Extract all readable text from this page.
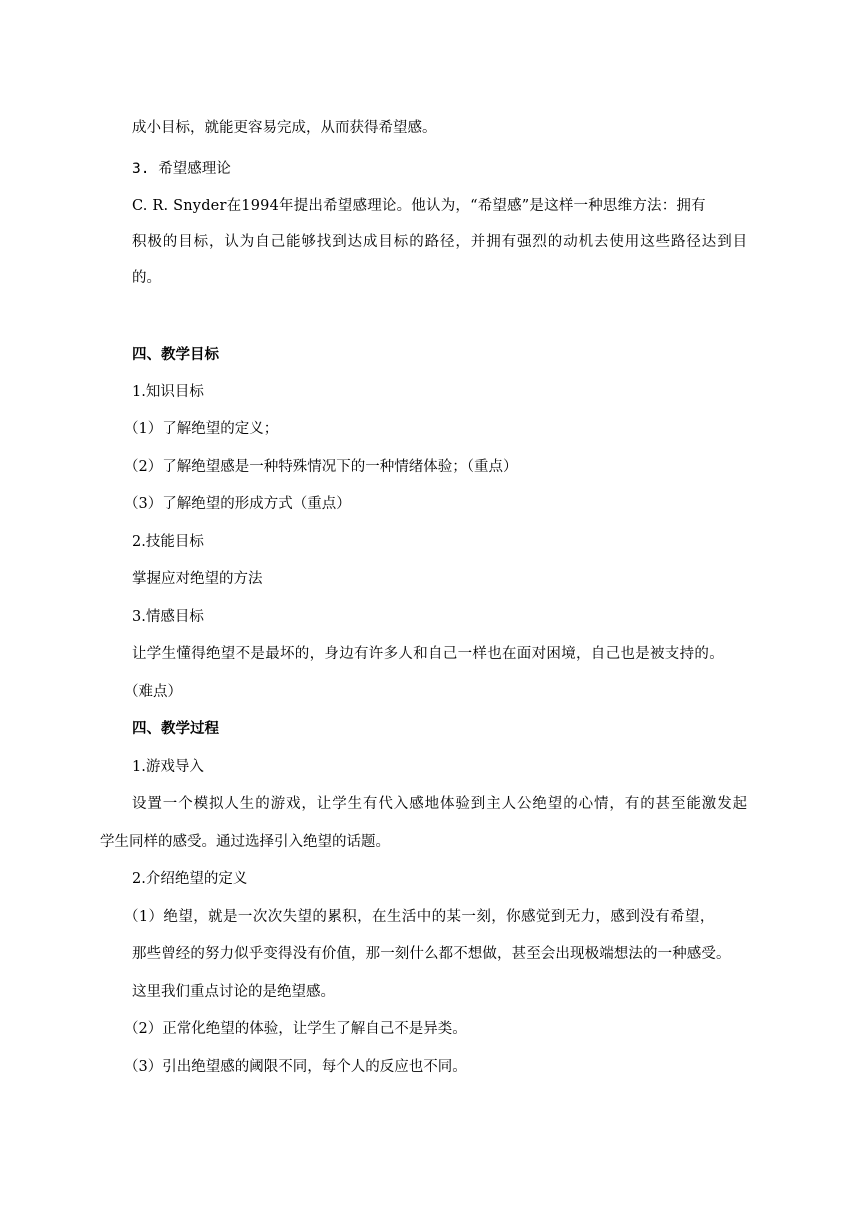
成小目标，就能更容易完成，从而获得希望感。
3. 希望感理论
C. R. Snyder在1994年提出希望感理论。他认为，“希望感”是这样一种思维方法：拥有
积极的目标，认为自己能够找到达成目标的路径，并拥有强烈的动机去使用这些路径达到目
的。
四、教学目标
1.知识目标
（1）了解绝望的定义；
（2）了解绝望感是一种特殊情况下的一种情绪体验；（重点）
（3）了解绝望的形成方式（重点）
2.技能目标
掌握应对绝望的方法
3.情感目标
让学生懂得绝望不是最坏的，身边有许多人和自己一样也在面对困境，自己也是被支持的。
（难点）
四、教学过程
1.游戏导入
设置一个模拟人生的游戏，让学生有代入感地体验到主人公绝望的心情，有的甚至能激发起
学生同样的感受。通过选择引入绝望的话题。
2.介绍绝望的定义
（1）绝望，就是一次次失望的累积，在生活中的某一刻，你感觉到无力，感到没有希望，
那些曾经的努力似乎变得没有价值，那一刻什么都不想做，甚至会出现极端想法的一种感受。
这里我们重点讨论的是绝望感。
（2）正常化绝望的体验，让学生了解自己不是异类。
（3）引出绝望感的阈限不同，每个人的反应也不同。
